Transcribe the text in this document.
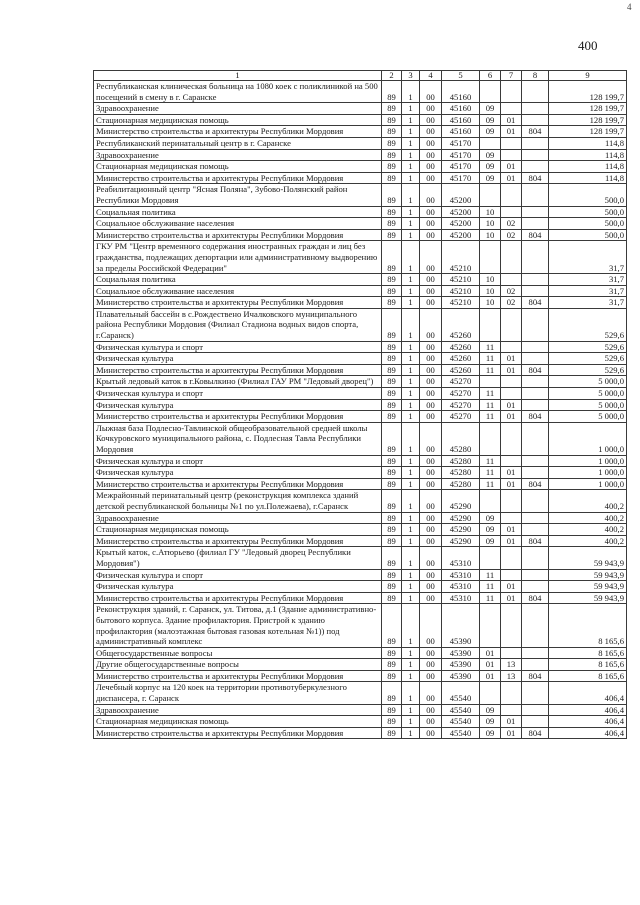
400
4
1	2	3	4	5	6	7	8	9
Республиканская клиническая больница на 1080 коек с поликлиникой на 500 посещений в смену в г. Саранске	89	1	00	45160				128 199,7
Здравоохранение	89	1	00	45160	09			128 199,7
Стационарная медицинская помощь	89	1	00	45160	09	01		128 199,7
Министерство строительства и архитектуры Республики Мордовия	89	1	00	45160	09	01	804	128 199,7
Республиканский перинатальный центр в г. Саранске	89	1	00	45170				114,8
Здравоохранение	89	1	00	45170	09			114,8
Стационарная медицинская помощь	89	1	00	45170	09	01		114,8
Министерство строительства и архитектуры Республики Мордовия	89	1	00	45170	09	01	804	114,8
Реабилитационный центр "Ясная Поляна", Зубово-Полянский район Республики Мордовия	89	1	00	45200				500,0
Социальная политика	89	1	00	45200	10			500,0
Социальное обслуживание населения	89	1	00	45200	10	02		500,0
Министерство строительства и архитектуры Республики Мордовия	89	1	00	45200	10	02	804	500,0
ГКУ РМ "Центр временного содержания иностранных граждан и лиц без гражданства, подлежащих депортации или административному выдворению за пределы Российской Федерации"	89	1	00	45210				31,7
Социальная политика	89	1	00	45210	10			31,7
Социальное обслуживание населения	89	1	00	45210	10	02		31,7
Министерство строительства и архитектуры Республики Мордовия	89	1	00	45210	10	02	804	31,7
Плавательный бассейн в с.Рождествено Ичалковского муниципального района Республики Мордовия (Филиал Стадиона водных видов спорта, г.Саранск)	89	1	00	45260				529,6
Физическая культура и спорт	89	1	00	45260	11			529,6
Физическая культура	89	1	00	45260	11	01		529,6
Министерство строительства и архитектуры Республики Мордовия	89	1	00	45260	11	01	804	529,6
Крытый ледовый каток в г.Ковылкино (Филиал ГАУ РМ "Ледовый дворец")	89	1	00	45270				5 000,0
Физическая культура и спорт	89	1	00	45270	11			5 000,0
Физическая культура	89	1	00	45270	11	01		5 000,0
Министерство строительства и архитектуры Республики Мордовия	89	1	00	45270	11	01	804	5 000,0
Лыжная база Подлесно-Тавлинской общеобразовательной средней школы Кочкуровского муниципального района, с. Подлесная Тавла Республики Мордовия	89	1	00	45280				1 000,0
Физическая культура и спорт	89	1	00	45280	11			1 000,0
Физическая культура	89	1	00	45280	11	01		1 000,0
Министерство строительства и архитектуры Республики Мордовия	89	1	00	45280	11	01	804	1 000,0
Межрайонный перинатальный центр (реконструкция комплекса зданий детской республиканской больницы №1 по ул.Полежаева), г.Саранск	89	1	00	45290				400,2
Здравоохранение	89	1	00	45290	09			400,2
Стационарная медицинская помощь	89	1	00	45290	09	01		400,2
Министерство строительства и архитектуры Республики Мордовия	89	1	00	45290	09	01	804	400,2
Крытый каток, с.Атюрьево (филиал ГУ "Ледовый дворец Республики Мордовия")	89	1	00	45310				59 943,9
Физическая культура и спорт	89	1	00	45310	11			59 943,9
Физическая культура	89	1	00	45310	11	01		59 943,9
Министерство строительства и архитектуры Республики Мордовия	89	1	00	45310	11	01	804	59 943,9
Реконструкция зданий, г. Саранск, ул. Титова, д.1 (Здание административно-бытового корпуса. Здание профилактория. Пристрой к зданию профилактория (малоэтажная бытовая газовая котельная №1)) под административный комплекс	89	1	00	45390				8 165,6
Общегосударственные вопросы	89	1	00	45390	01			8 165,6
Другие общегосударственные вопросы	89	1	00	45390	01	13		8 165,6
Министерство строительства и архитектуры Республики Мордовия	89	1	00	45390	01	13	804	8 165,6
Лечебный корпус на 120 коек на территории противотуберкулезного диспансера, г. Саранск	89	1	00	45540				406,4
Здравоохранение	89	1	00	45540	09			406,4
Стационарная медицинская помощь	89	1	00	45540	09	01		406,4
Министерство строительства и архитектуры Республики Мордовия	89	1	00	45540	09	01	804	406,4
